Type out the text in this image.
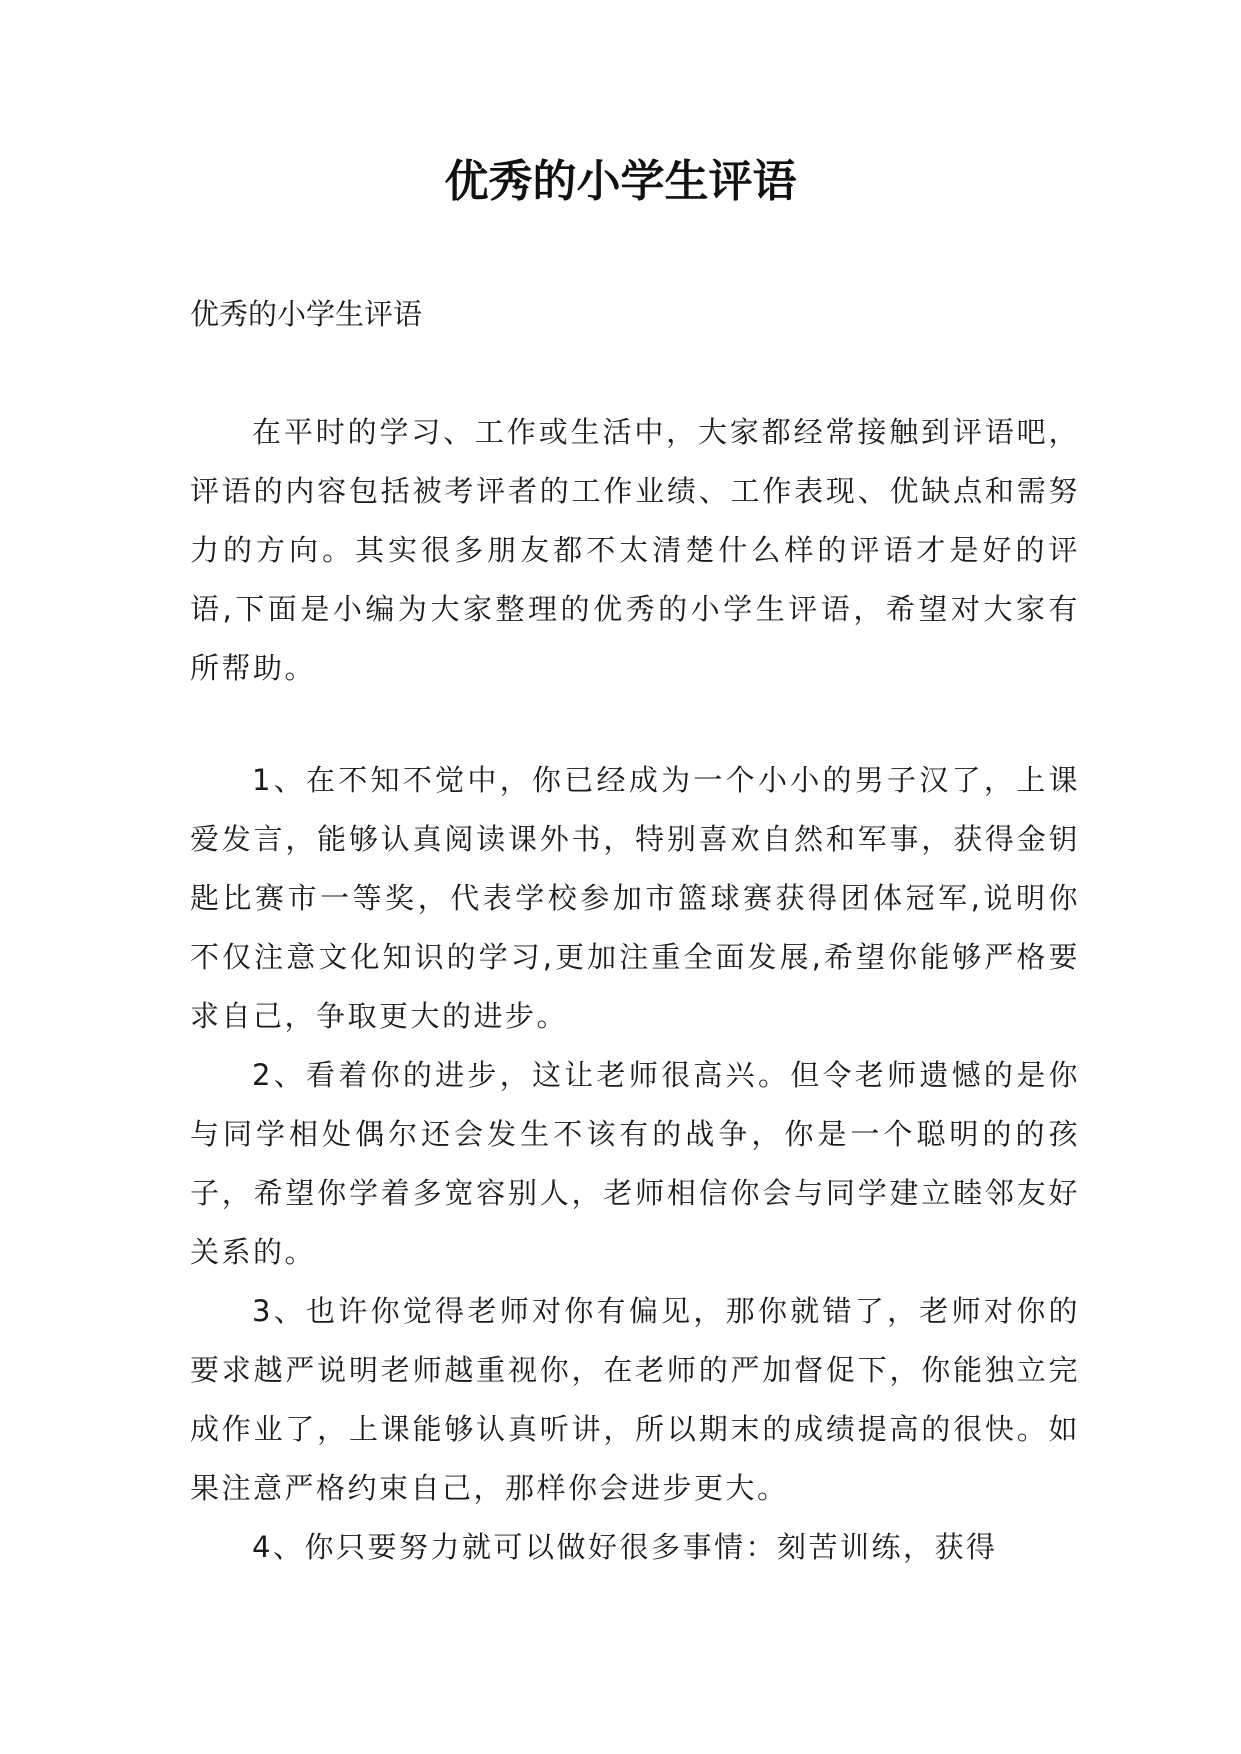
优秀的小学生评语

优秀的小学生评语

在平时的学习、工作或生活中，大家都经常接触到评语吧，评语的内容包括被考评者的工作业绩、工作表现、优缺点和需努力的方向。其实很多朋友都不太清楚什么样的评语才是好的评语,下面是小编为大家整理的优秀的小学生评语，希望对大家有所帮助。

1、在不知不觉中，你已经成为一个小小的男子汉了，上课爱发言，能够认真阅读课外书，特别喜欢自然和军事，获得金钥匙比赛市一等奖，代表学校参加市篮球赛获得团体冠军,说明你不仅注意文化知识的学习,更加注重全面发展,希望你能够严格要求自己，争取更大的进步。

2、看着你的进步，这让老师很高兴。但令老师遗憾的是你与同学相处偶尔还会发生不该有的战争，你是一个聪明的的孩子，希望你学着多宽容别人，老师相信你会与同学建立睦邻友好关系的。

3、也许你觉得老师对你有偏见，那你就错了，老师对你的要求越严说明老师越重视你，在老师的严加督促下，你能独立完成作业了，上课能够认真听讲，所以期末的成绩提高的很快。如果注意严格约束自己，那样你会进步更大。

4、你只要努力就可以做好很多事情：刻苦训练，获得
